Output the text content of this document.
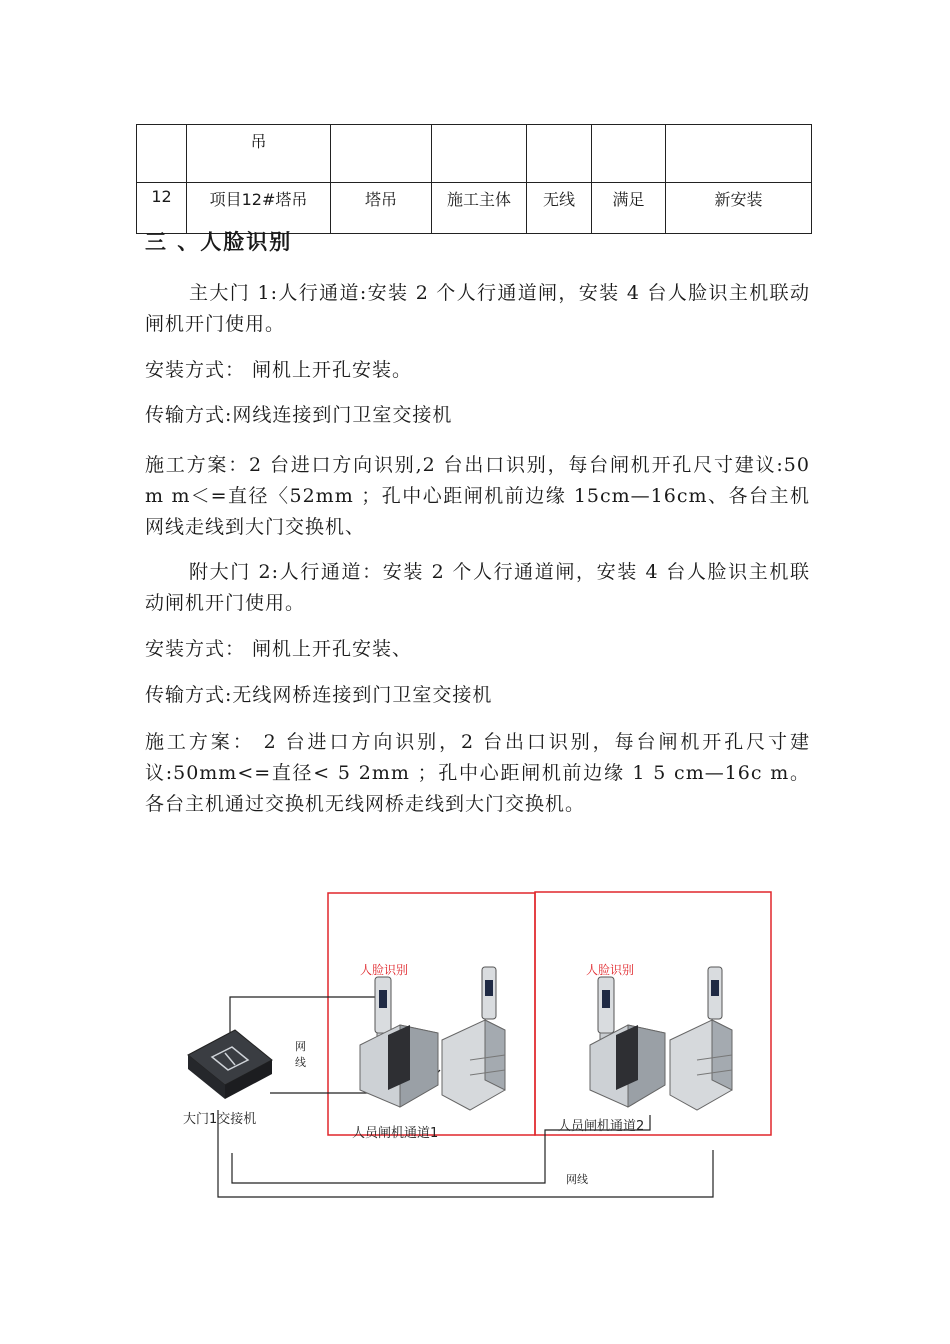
	吊					
12	项目12#塔吊	塔吊	施工主体	无线	满足	新安装
三 、人脸识别

主大门 1:人行通道:安装 2 个人行通道闸，安装 4 台人脸识主机联动闸机开门使用。

安装方式： 闸机上开孔安装。

传输方式:网线连接到门卫室交接机

施工方案：2 台进口方向识别,2 台出口识别，每台闸机开孔尺寸建议:50 m m＜=直径〈52mm ；孔中心距闸机前边缘 15cm—16cm、各台主机网线走线到大门交换机、

附大门 2:人行通道：安装 2 个人行通道闸，安装 4 台人脸识主机联动闸机开门使用。

安装方式： 闸机上开孔安装、

传输方式:无线网桥连接到门卫室交接机

施工方案： 2 台进口方向识别，2 台出口识别，每台闸机开孔尺寸建议:50mm<=直径< 5 2mm ；孔中心距闸机前边缘 1 5 cm—16c m。各台主机通过交换机无线网桥走线到大门交换机。

人脸识别	人脸识别
网
线
大门1交接机
人员闸机通道1	人员闸机通道2
网线
